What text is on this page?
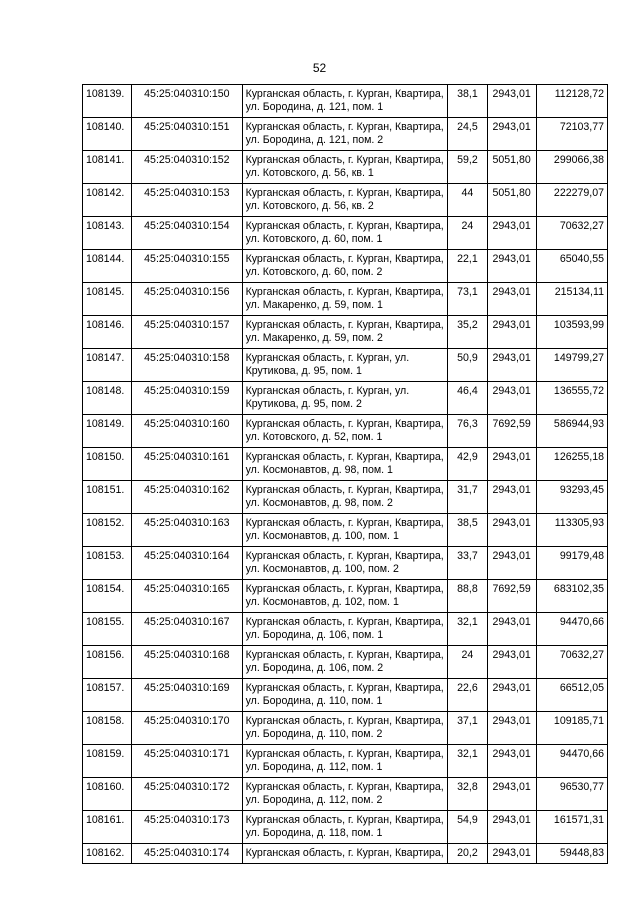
52
108139.	45:25:040310:150	Курганская область, г. Курган, Квартира, ул. Бородина, д. 121, пом. 1	38,1	2943,01	112128,72
108140.	45:25:040310:151	Курганская область, г. Курган, Квартира, ул. Бородина, д. 121, пом. 2	24,5	2943,01	72103,77
108141.	45:25:040310:152	Курганская область, г. Курган, Квартира, ул. Котовского, д. 56, кв. 1	59,2	5051,80	299066,38
108142.	45:25:040310:153	Курганская область, г. Курган, Квартира, ул. Котовского, д. 56, кв. 2	44	5051,80	222279,07
108143.	45:25:040310:154	Курганская область, г. Курган, Квартира, ул. Котовского, д. 60, пом. 1	24	2943,01	70632,27
108144.	45:25:040310:155	Курганская область, г. Курган, Квартира, ул. Котовского, д. 60, пом. 2	22,1	2943,01	65040,55
108145.	45:25:040310:156	Курганская область, г. Курган, Квартира, ул. Макаренко, д. 59, пом. 1	73,1	2943,01	215134,11
108146.	45:25:040310:157	Курганская область, г. Курган, Квартира, ул. Макаренко, д. 59, пом. 2	35,2	2943,01	103593,99
108147.	45:25:040310:158	Курганская область, г. Курган, ул. Крутикова, д. 95, пом. 1	50,9	2943,01	149799,27
108148.	45:25:040310:159	Курганская область, г. Курган, ул. Крутикова, д. 95, пом. 2	46,4	2943,01	136555,72
108149.	45:25:040310:160	Курганская область, г. Курган, Квартира, ул. Котовского, д. 52, пом. 1	76,3	7692,59	586944,93
108150.	45:25:040310:161	Курганская область, г. Курган, Квартира, ул. Космонавтов, д. 98, пом. 1	42,9	2943,01	126255,18
108151.	45:25:040310:162	Курганская область, г. Курган, Квартира, ул. Космонавтов, д. 98, пом. 2	31,7	2943,01	93293,45
108152.	45:25:040310:163	Курганская область, г. Курган, Квартира, ул. Космонавтов, д. 100, пом. 1	38,5	2943,01	113305,93
108153.	45:25:040310:164	Курганская область, г. Курган, Квартира, ул. Космонавтов, д. 100, пом. 2	33,7	2943,01	99179,48
108154.	45:25:040310:165	Курганская область, г. Курган, Квартира, ул. Космонавтов, д. 102, пом. 1	88,8	7692,59	683102,35
108155.	45:25:040310:167	Курганская область, г. Курган, Квартира, ул. Бородина, д. 106, пом. 1	32,1	2943,01	94470,66
108156.	45:25:040310:168	Курганская область, г. Курган, Квартира, ул. Бородина, д. 106, пом. 2	24	2943,01	70632,27
108157.	45:25:040310:169	Курганская область, г. Курган, Квартира, ул. Бородина, д. 110, пом. 1	22,6	2943,01	66512,05
108158.	45:25:040310:170	Курганская область, г. Курган, Квартира, ул. Бородина, д. 110, пом. 2	37,1	2943,01	109185,71
108159.	45:25:040310:171	Курганская область, г. Курган, Квартира, ул. Бородина, д. 112, пом. 1	32,1	2943,01	94470,66
108160.	45:25:040310:172	Курганская область, г. Курган, Квартира, ул. Бородина, д. 112, пом. 2	32,8	2943,01	96530,77
108161.	45:25:040310:173	Курганская область, г. Курган, Квартира, ул. Бородина, д. 118, пом. 1	54,9	2943,01	161571,31
108162.	45:25:040310:174	Курганская область, г. Курган, Квартира,	20,2	2943,01	59448,83
